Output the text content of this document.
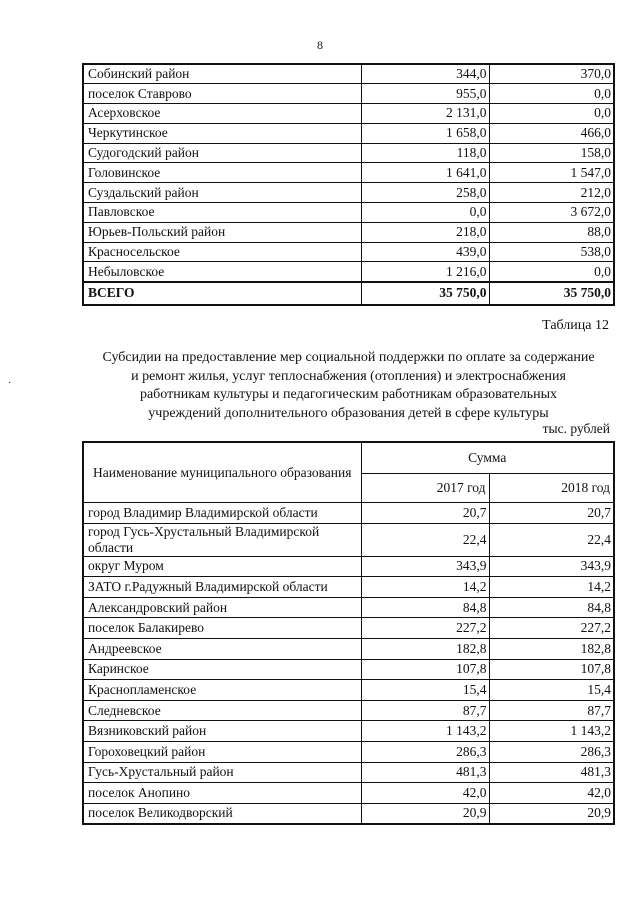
8
·
Собинский район	344,0	370,0
поселок Ставрово	955,0	0,0
Асерховское	2 131,0	0,0
Черкутинское	1 658,0	466,0
Судогодский район	118,0	158,0
Головинское	1 641,0	1 547,0
Суздальский район	258,0	212,0
Павловское	0,0	3 672,0
Юрьев-Польский район	218,0	88,0
Красносельское	439,0	538,0
Небыловское	1 216,0	0,0
ВСЕГО	35 750,0	35 750,0
Таблица 12
Субсидии на предоставление мер социальной поддержки по оплате за содержание
и ремонт жилья, услуг теплоснабжения (отопления) и электроснабжения
работникам культуры и педагогическим работникам образовательных
учреждений дополнительного образования детей в сфере культуры
тыс. рублей
Наименование муниципального образования	Сумма	
	2017 год	2018 год
город Владимир Владимирской области	20,7	20,7
город Гусь-Хрустальный Владимирской области	22,4	22,4
округ Муром	343,9	343,9
ЗАТО г.Радужный Владимирской области	14,2	14,2
Александровский район	84,8	84,8
поселок Балакирево	227,2	227,2
Андреевское	182,8	182,8
Каринское	107,8	107,8
Краснопламенское	15,4	15,4
Следневское	87,7	87,7
Вязниковский район	1 143,2	1 143,2
Гороховецкий район	286,3	286,3
Гусь-Хрустальный район	481,3	481,3
поселок Анопино	42,0	42,0
поселок Великодворский	20,9	20,9
